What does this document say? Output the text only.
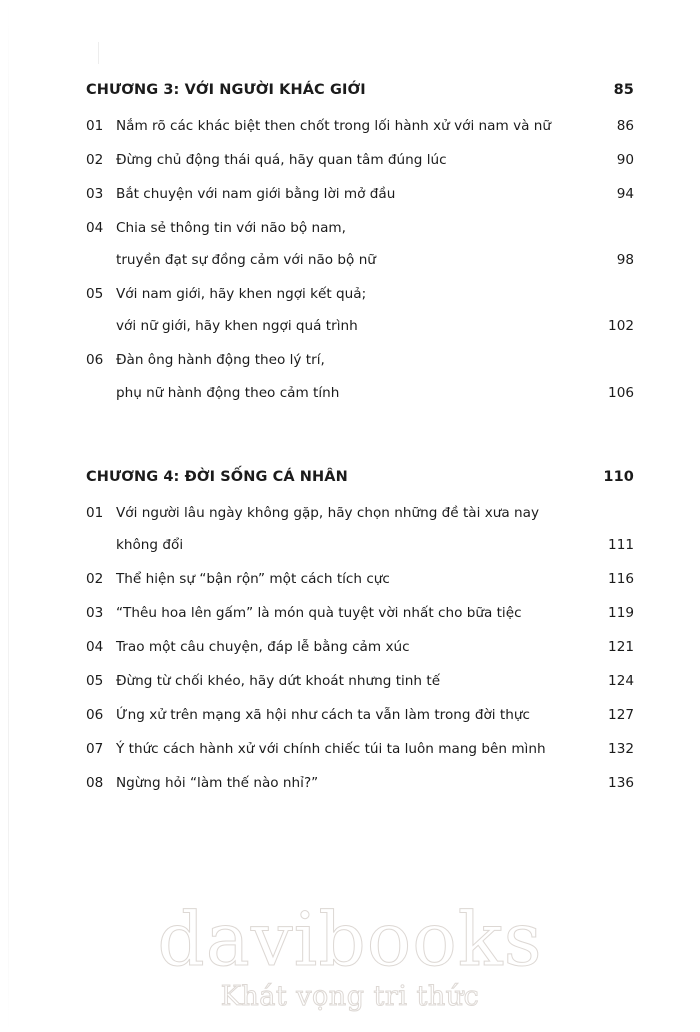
CHƯƠNG 3: VỚI NGƯỜI KHÁC GIỚI	85
01 Nắm rõ các khác biệt then chốt trong lối hành xử với nam và nữ	86
02 Đừng chủ động thái quá, hãy quan tâm đúng lúc	90
03 Bắt chuyện với nam giới bằng lời mở đầu	94
04 Chia sẻ thông tin với não bộ nam,
truyền đạt sự đồng cảm với não bộ nữ	98
05 Với nam giới, hãy khen ngợi kết quả;
với nữ giới, hãy khen ngợi quá trình	102
06 Đàn ông hành động theo lý trí,
phụ nữ hành động theo cảm tính	106
CHƯƠNG 4: ĐỜI SỐNG CÁ NHÂN	110
01 Với người lâu ngày không gặp, hãy chọn những đề tài xưa nay
không đổi	111
02 Thể hiện sự “bận rộn” một cách tích cực	116
03 “Thêu hoa lên gấm” là món quà tuyệt vời nhất cho bữa tiệc	119
04 Trao một câu chuyện, đáp lễ bằng cảm xúc	121
05 Đừng từ chối khéo, hãy dứt khoát nhưng tinh tế	124
06 Ứng xử trên mạng xã hội như cách ta vẫn làm trong đời thực	127
07 Ý thức cách hành xử với chính chiếc túi ta luôn mang bên mình	132
08 Ngừng hỏi “làm thế nào nhỉ?”	136
davibooks
Khát vọng tri thức
